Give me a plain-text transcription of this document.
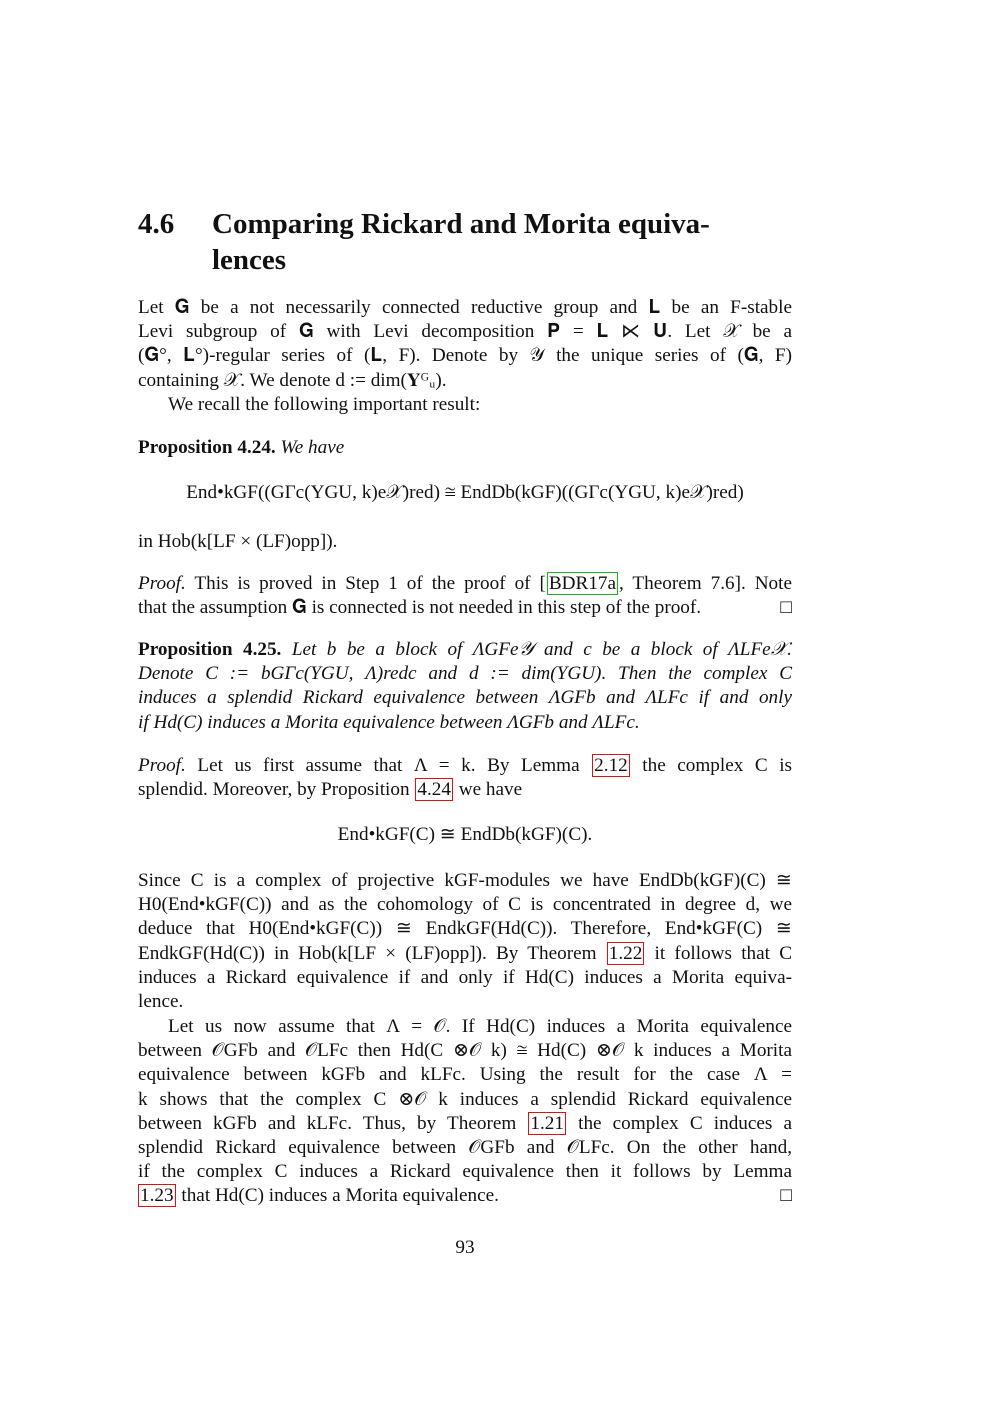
4.6 Comparing Rickard and Morita equiva-
lences
Let 𝐆 be a not necessarily connected reductive group and 𝐋 be an F-stable
Levi subgroup of 𝐆 with Levi decomposition 𝐏 = 𝐋 ⋉ 𝐔. Let 𝒳 be a
(𝐆°, 𝐋°)-regular series of (𝐋, F). Denote by 𝒴 the unique series of (𝐆, F)
containing 𝒳. We denote d := dim(𝐘ᴳᵤ).
We recall the following important result:
Proposition 4.24. We have
End•kGF((GΓc(YGU, k)e𝒳)red) ≅ EndDb(kGF)((GΓc(YGU, k)e𝒳)red)
in Hob(k[LF × (LF)opp]).
Proof. This is proved in Step 1 of the proof of [ BDR17a , Theorem 7.6]. Note
that the assumption 𝐆 is connected is not needed in this step of the proof.	□
Proposition 4.25. Let b be a block of ΛGFe𝒴 and c be a block of ΛLFe𝒳.
Denote C := bGΓc(YGU, Λ)redc and d := dim(YGU). Then the complex C
induces a splendid Rickard equivalence between ΛGFb and ΛLFc if and only
if Hd(C) induces a Morita equivalence between ΛGFb and ΛLFc.
Proof. Let us first assume that Λ = k. By Lemma 2.12 the complex C is
splendid. Moreover, by Proposition 4.24 we have
End•kGF(C) ≅ EndDb(kGF)(C).
Since C is a complex of projective kGF-modules we have EndDb(kGF)(C) ≅
H0(End•kGF(C)) and as the cohomology of C is concentrated in degree d, we
deduce that H0(End•kGF(C)) ≅ EndkGF(Hd(C)). Therefore, End•kGF(C) ≅
EndkGF(Hd(C)) in Hob(k[LF × (LF)opp]). By Theorem 1.22 it follows that C
induces a Rickard equivalence if and only if Hd(C) induces a Morita equiva-
lence.
Let us now assume that Λ = 𝒪. If Hd(C) induces a Morita equivalence
between 𝒪GFb and 𝒪LFc then Hd(C ⊗𝒪 k) ≅ Hd(C) ⊗𝒪 k induces a Morita
equivalence between kGFb and kLFc. Using the result for the case Λ =
k shows that the complex C ⊗𝒪 k induces a splendid Rickard equivalence
between kGFb and kLFc. Thus, by Theorem 1.21 the complex C induces a
splendid Rickard equivalence between 𝒪GFb and 𝒪LFc. On the other hand,
if the complex C induces a Rickard equivalence then it follows by Lemma
1.23 that Hd(C) induces a Morita equivalence.	□
93
